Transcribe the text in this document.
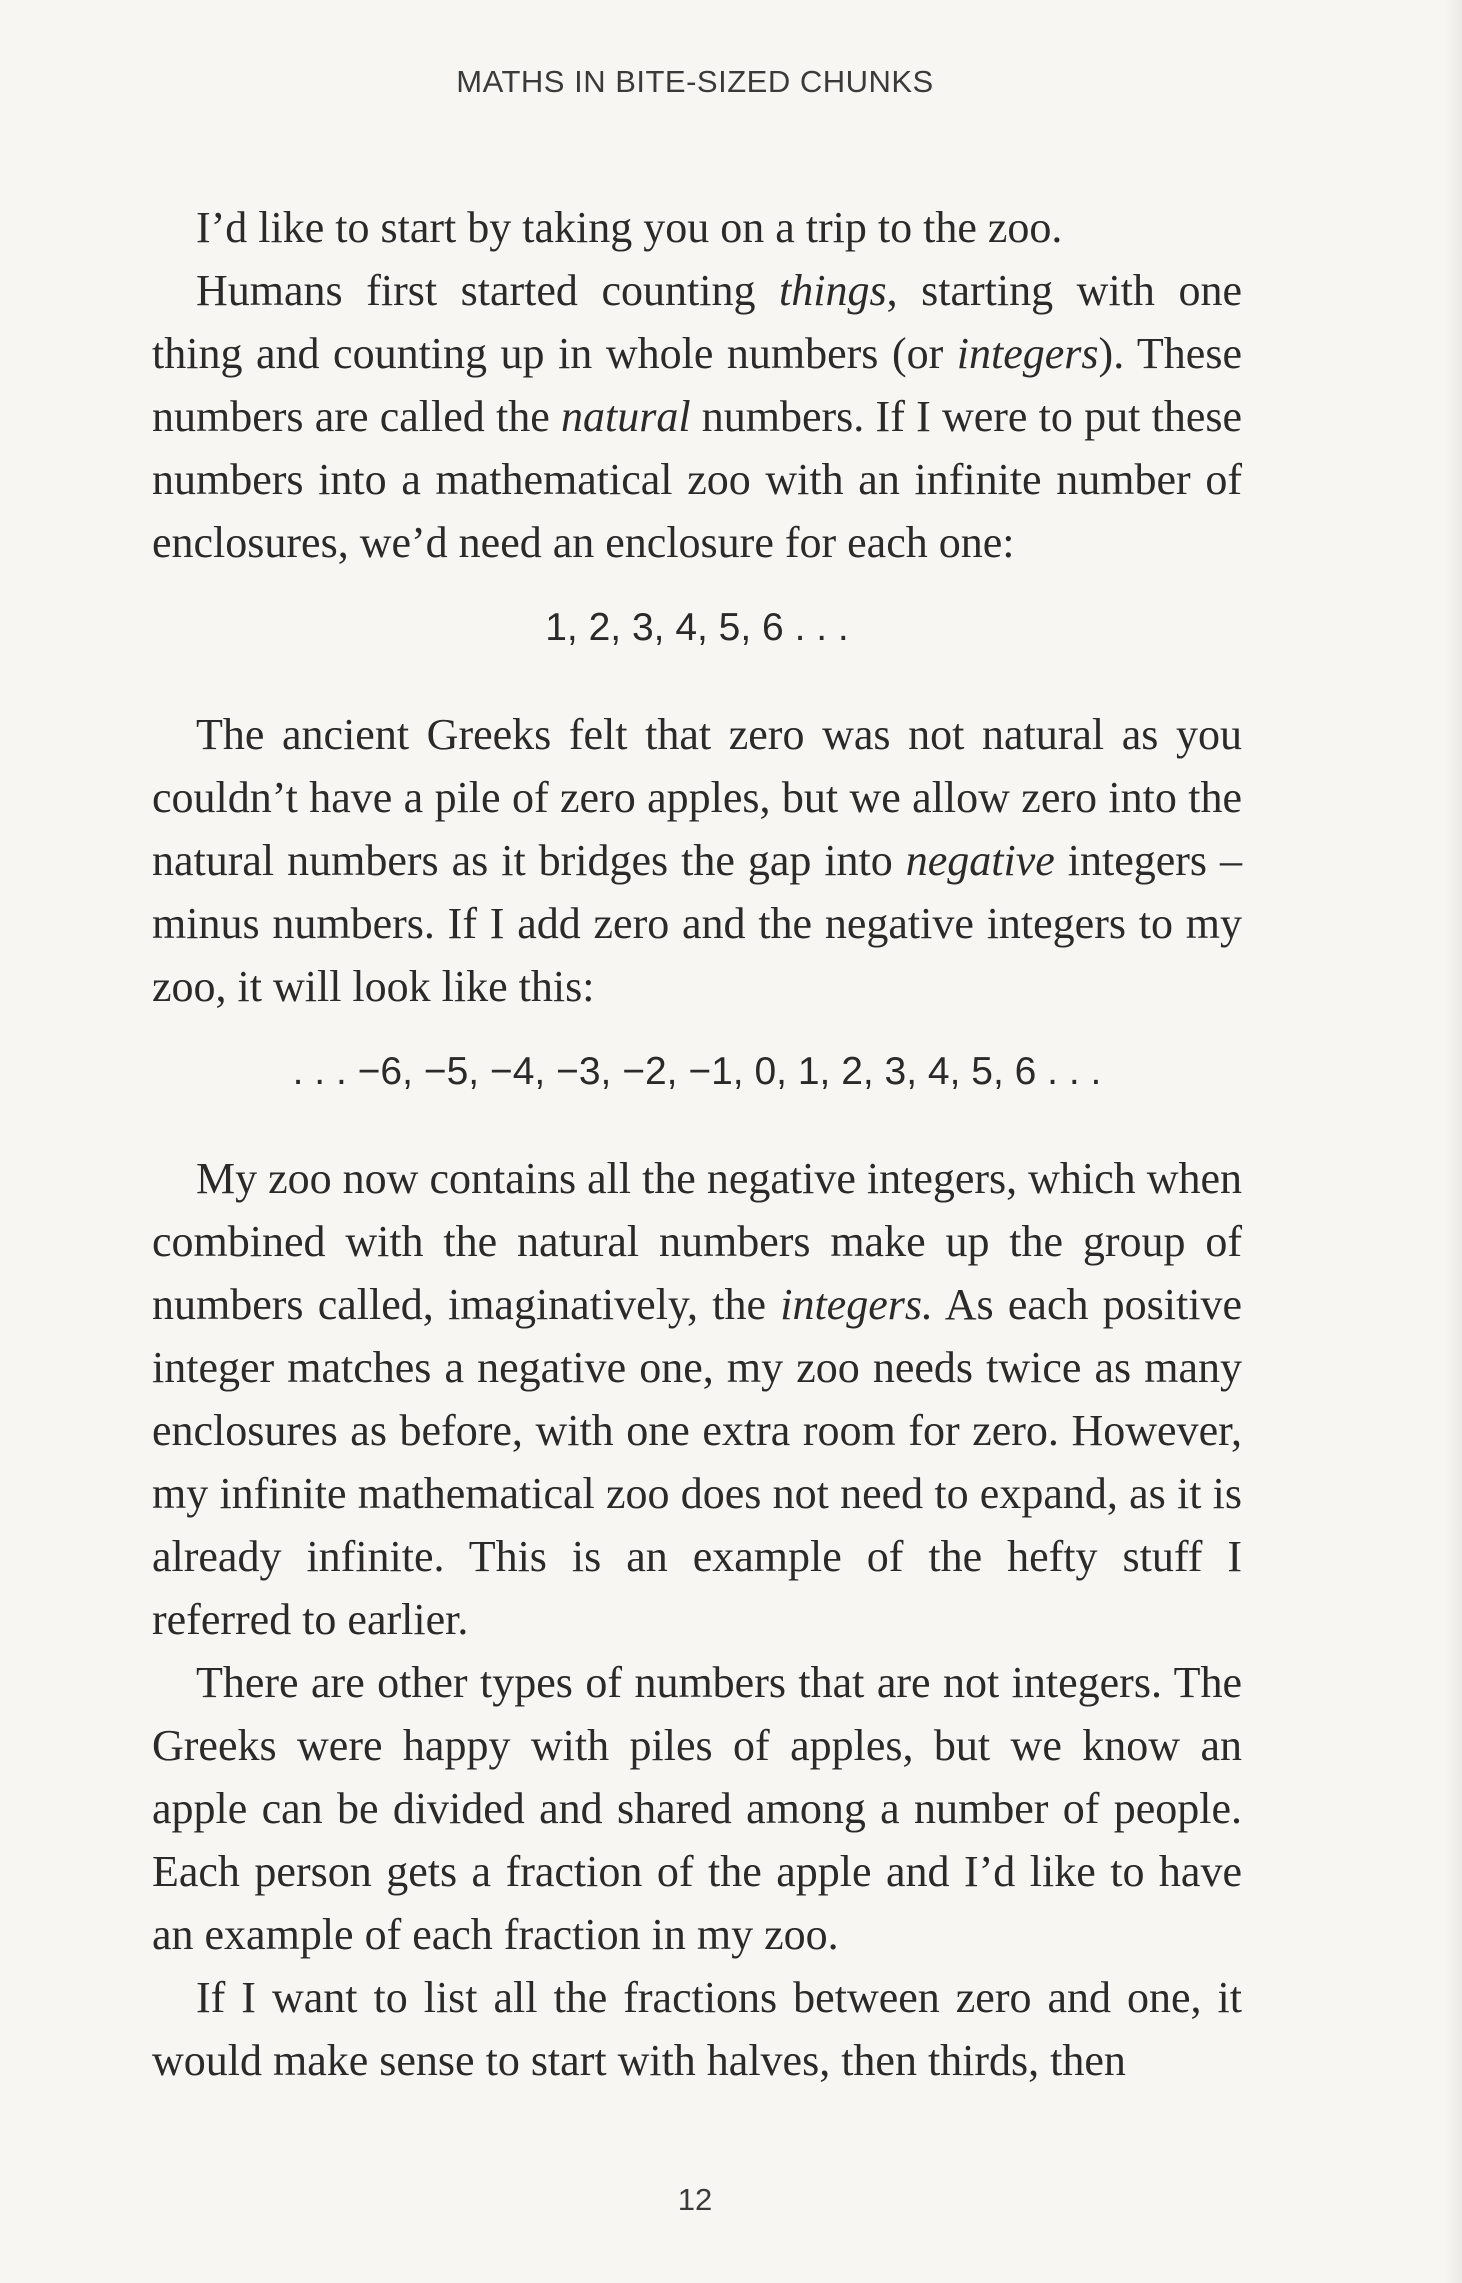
MATHS IN BITE-SIZED CHUNKS

I’d like to start by taking you on a trip to the zoo.

Humans first started counting things, starting with one thing and counting up in whole numbers (or integers). These numbers are called the natural numbers. If I were to put these numbers into a mathematical zoo with an infinite number of enclosures, we’d need an enclosure for each one:

1, 2, 3, 4, 5, 6 . . .

The ancient Greeks felt that zero was not natural as you couldn’t have a pile of zero apples, but we allow zero into the natural numbers as it bridges the gap into negative integers – minus numbers. If I add zero and the negative integers to my zoo, it will look like this:

. . . −6, −5, −4, −3, −2, −1, 0, 1, 2, 3, 4, 5, 6 . . .

My zoo now contains all the negative integers, which when combined with the natural numbers make up the group of numbers called, imaginatively, the integers. As each positive integer matches a negative one, my zoo needs twice as many enclosures as before, with one extra room for zero. However, my infinite mathematical zoo does not need to expand, as it is already infinite. This is an example of the hefty stuff I referred to earlier.

There are other types of numbers that are not integers. The Greeks were happy with piles of apples, but we know an apple can be divided and shared among a number of people. Each person gets a fraction of the apple and I’d like to have an example of each fraction in my zoo.

If I want to list all the fractions between zero and one, it would make sense to start with halves, then thirds, then

12
